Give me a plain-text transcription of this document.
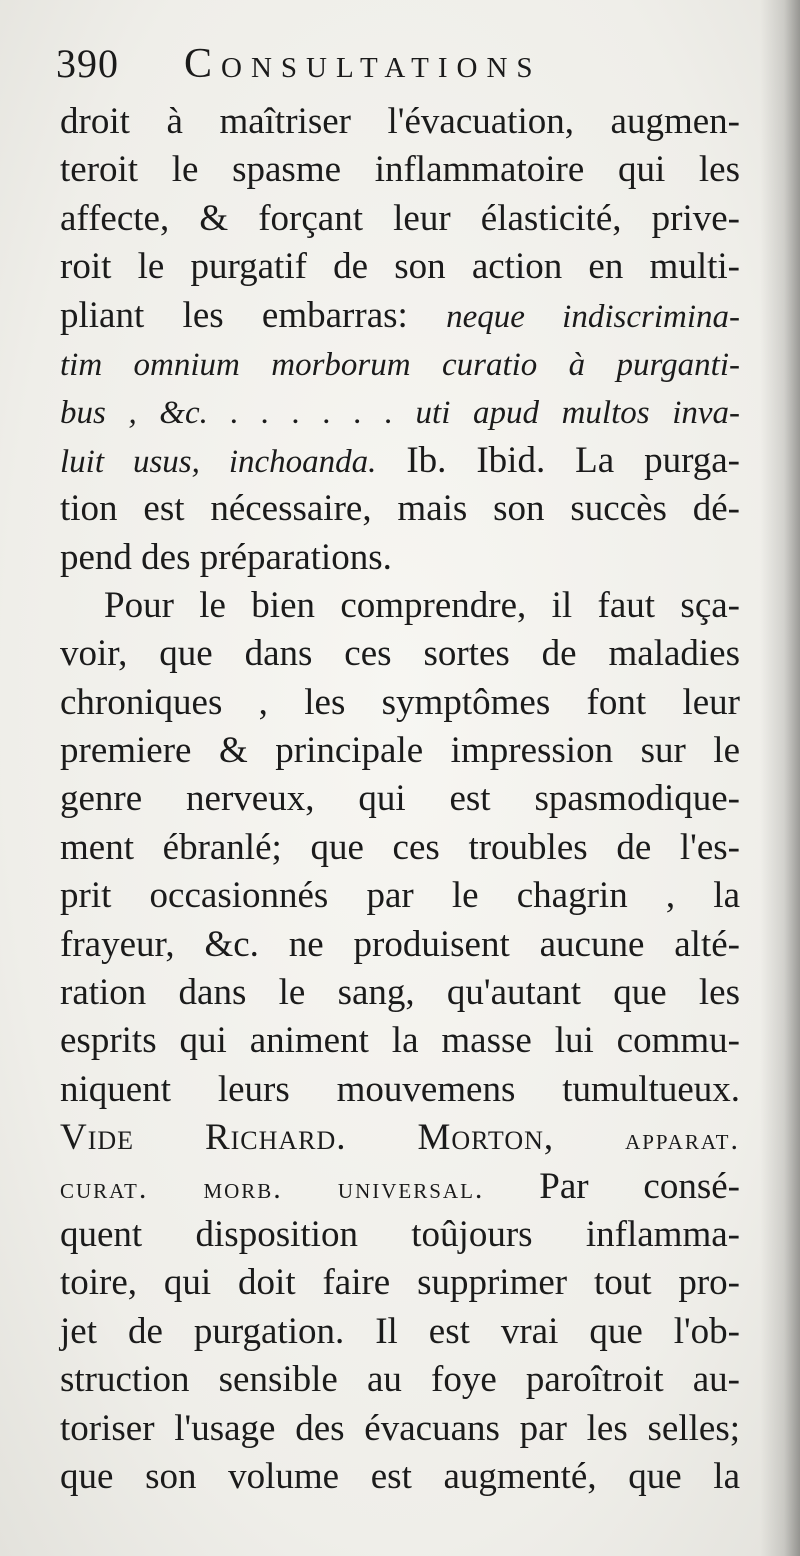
390 Consultations
droit à maîtriser l'évacuation, augmen-
teroit le spasme inflammatoire qui les
affecte, & forçant leur élasticité, prive-
roit le purgatif de son action en multi-
pliant les embarras: neque indiscrimina-
tim omnium morborum curatio à purganti-
bus , &c. . . . . . . uti apud multos inva-
luit usus, inchoanda. Ib. Ibid. La purga-
tion est nécessaire, mais son succès dé-
pend des préparations.
Pour le bien comprendre, il faut sça-
voir, que dans ces sortes de maladies
chroniques , les symptômes font leur
premiere & principale impression sur le
genre nerveux, qui est spasmodique-
ment ébranlé; que ces troubles de l'es-
prit occasionnés par le chagrin , la
frayeur, &c. ne produisent aucune alté-
ration dans le sang, qu'autant que les
esprits qui animent la masse lui commu-
niquent leurs mouvemens tumultueux.
Vide Richard. Morton, apparat.
curat. morb. universal. Par consé-
quent disposition toûjours inflamma-
toire, qui doit faire supprimer tout pro-
jet de purgation. Il est vrai que l'ob-
struction sensible au foye paroîtroit au-
toriser l'usage des évacuans par les selles;
que son volume est augmenté, que la
